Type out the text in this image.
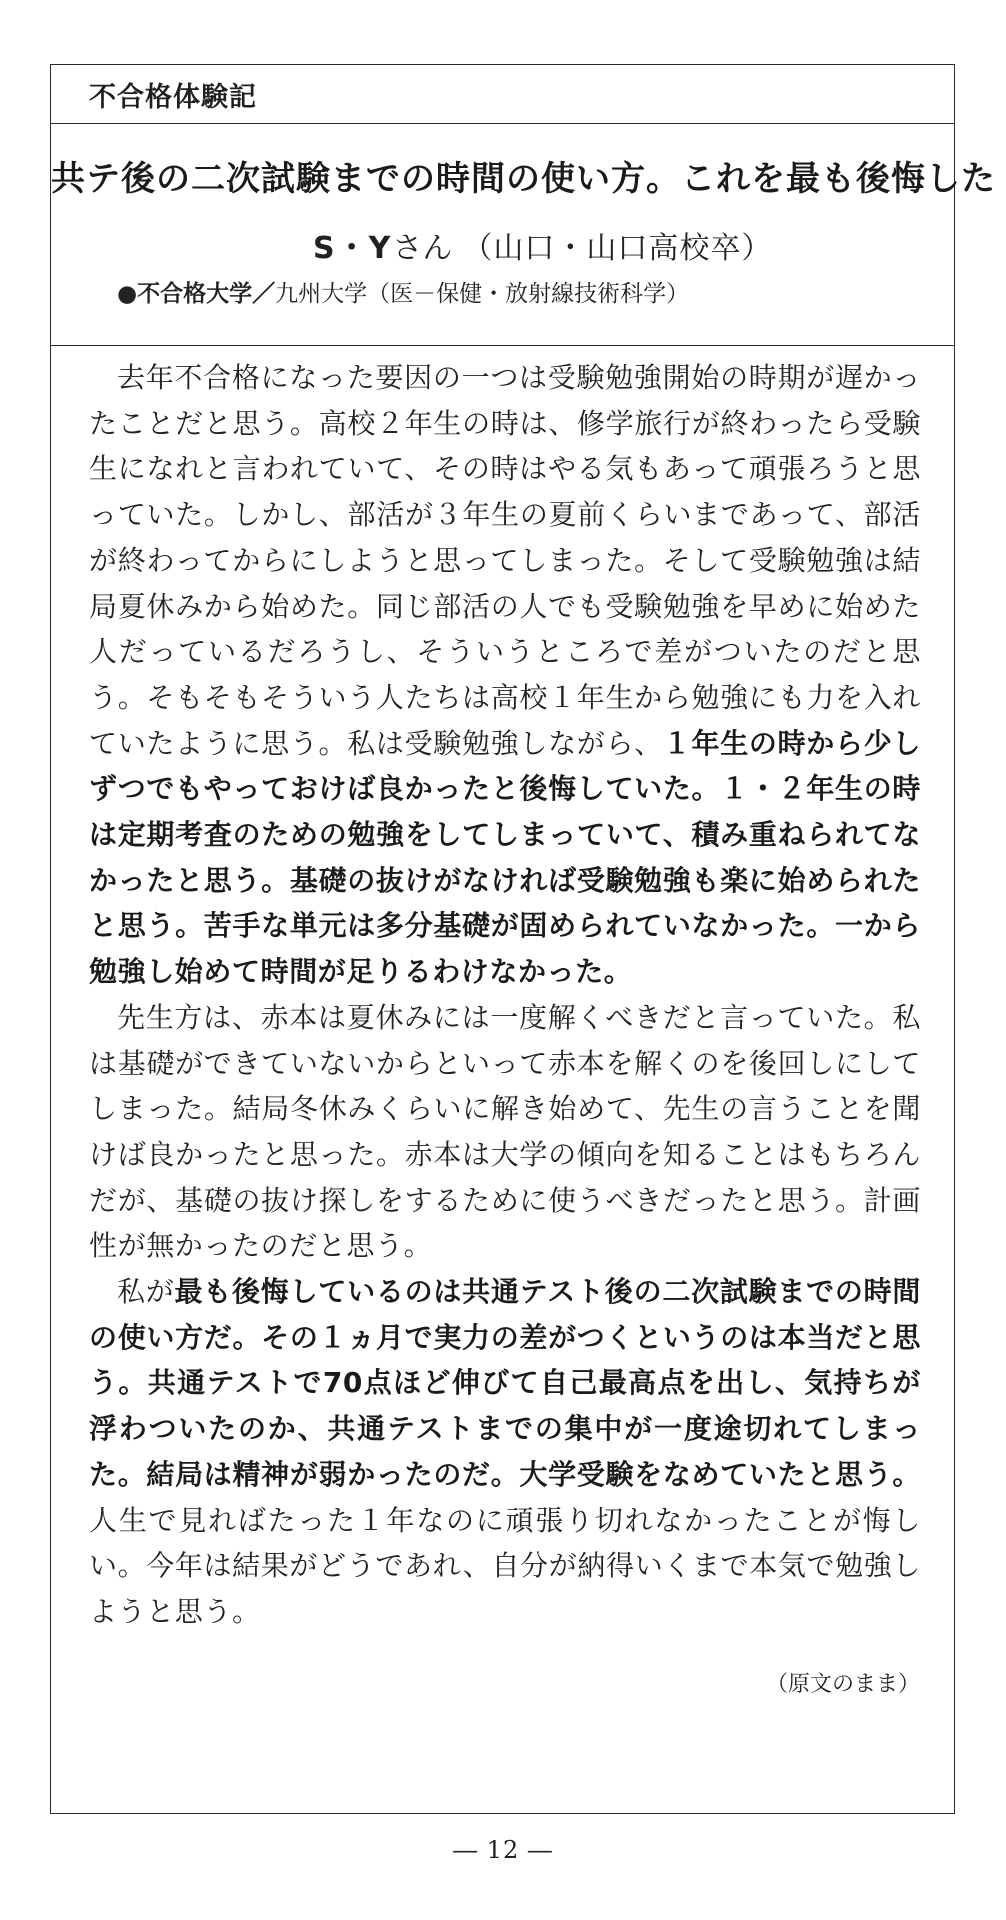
不合格体験記
共テ後の二次試験までの時間の使い方。これを最も後悔した
S・Yさん （山口・山口高校卒）
●不合格大学／九州大学（医－保健・放射線技術科学）

去年不合格になった要因の一つは受験勉強開始の時期が遅かったことだと思う。高校２年生の時は、修学旅行が終わったら受験生になれと言われていて、その時はやる気もあって頑張ろうと思っていた。しかし、部活が３年生の夏前くらいまであって、部活が終わってからにしようと思ってしまった。そして受験勉強は結局夏休みから始めた。同じ部活の人でも受験勉強を早めに始めた人だっているだろうし、そういうところで差がついたのだと思う。そもそもそういう人たちは高校１年生から勉強にも力を入れていたように思う。私は受験勉強しながら、１年生の時から少しずつでもやっておけば良かったと後悔していた。１・２年生の時は定期考査のための勉強をしてしまっていて、積み重ねられてなかったと思う。基礎の抜けがなければ受験勉強も楽に始められたと思う。苦手な単元は多分基礎が固められていなかった。一から勉強し始めて時間が足りるわけなかった。

先生方は、赤本は夏休みには一度解くべきだと言っていた。私は基礎ができていないからといって赤本を解くのを後回しにしてしまった。結局冬休みくらいに解き始めて、先生の言うことを聞けば良かったと思った。赤本は大学の傾向を知ることはもちろんだが、基礎の抜け探しをするために使うべきだったと思う。計画性が無かったのだと思う。

私が最も後悔しているのは共通テスト後の二次試験までの時間の使い方だ。その１ヵ月で実力の差がつくというのは本当だと思う。共通テストで70点ほど伸びて自己最高点を出し、気持ちが浮わついたのか、共通テストまでの集中が一度途切れてしまった。結局は精神が弱かったのだ。大学受験をなめていたと思う。人生で見ればたった１年なのに頑張り切れなかったことが悔しい。今年は結果がどうであれ、自分が納得いくまで本気で勉強しようと思う。

（原文のまま）
― 12 ―
